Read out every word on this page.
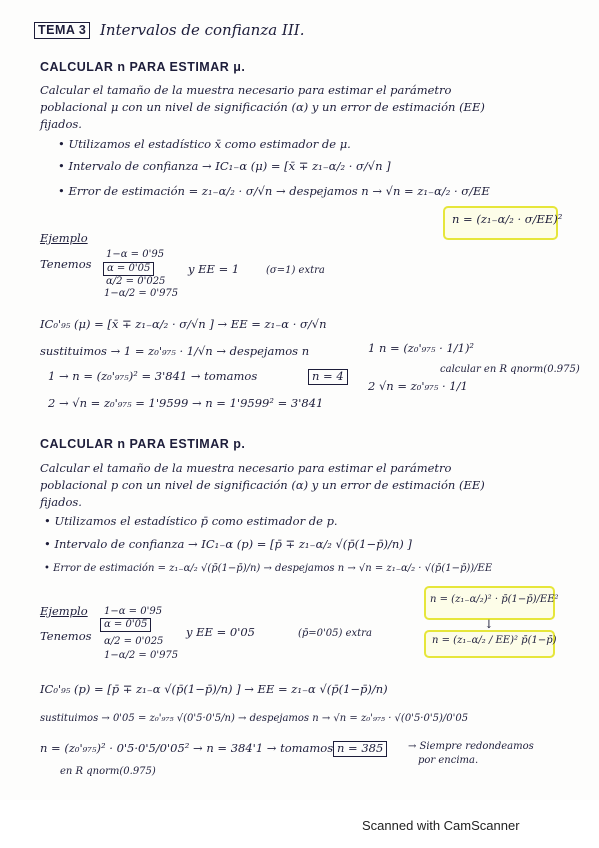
TEMA 3 Intervalos de confianza III.
CALCULAR n PARA ESTIMAR μ.
Calcular el tamaño de la muestra necesario para estimar el parámetro
poblacional μ con un nivel de significación (α) y un error de estimación (EE)
fijados.
• Utilizamos el estadístico x̄ como estimador de μ.
• Intervalo de confianza → IC₁₋α (μ) = [x̄ ∓ z₁₋α/₂ · σ/√n ]
• Error de estimación = z₁₋α/₂ · σ/√n → despejamos n → √n = z₁₋α/₂ · σ/EE
n = (z₁₋α/₂ · σ/EE)²
Ejemplo
Tenemos
1−α = 0'95
α = 0'05
α/2 = 0'025
1−α/2 = 0'975
y EE = 1	(σ=1) extra
IC₀'₉₅ (μ) = [x̄ ∓ z₁₋α/₂ · σ/√n ] → EE = z₁₋α · σ/√n
sustituimos → 1 = z₀'₉₇₅ · 1/√n → despejamos n	1 n = (z₀'₉₇₅ · 1/1)²
calcular en R qnorm(0.975)
2 √n = z₀'₉₇₅ · 1/1
1 → n = (z₀'₉₇₅)² = 3'841 → tomamos	n = 4
2 → √n = z₀'₉₇₅ = 1'9599 → n = 1'9599² = 3'841
CALCULAR n PARA ESTIMAR p.
Calcular el tamaño de la muestra necesario para estimar el parámetro
poblacional p con un nivel de significación (α) y un error de estimación (EE)
fijados.
• Utilizamos el estadístico p̄ como estimador de p.
• Intervalo de confianza → IC₁₋α (p) = [p̄ ∓ z₁₋α/₂ √(p̄(1−p̄)/n) ]
• Error de estimación = z₁₋α/₂ √(p̄(1−p̄)/n) → despejamos n → √n = z₁₋α/₂ · √(p̄(1−p̄))/EE
n = (z₁₋α/₂)² · p̄(1−p̄)/EE²
↓
n = (z₁₋α/₂ / EE)² p̄(1−p̄)
Ejemplo
Tenemos
1−α = 0'95
α = 0'05
α/2 = 0'025
1−α/2 = 0'975
y EE = 0'05	(p̄=0'05) extra
IC₀'₉₅ (p) = [p̄ ∓ z₁₋α √(p̄(1−p̄)/n) ] → EE = z₁₋α √(p̄(1−p̄)/n)
sustituimos → 0'05 = z₀'₉₇₅ √(0'5·0'5/n) → despejamos n → √n = z₀'₉₇₅ · √(0'5·0'5)/0'05
n = (z₀'₉₇₅)² · 0'5·0'5/0'05² → n = 384'1 → tomamos n = 385	→ Siempre redondeamos
por encima.
en R qnorm(0.975)
Scanned with CamScanner
